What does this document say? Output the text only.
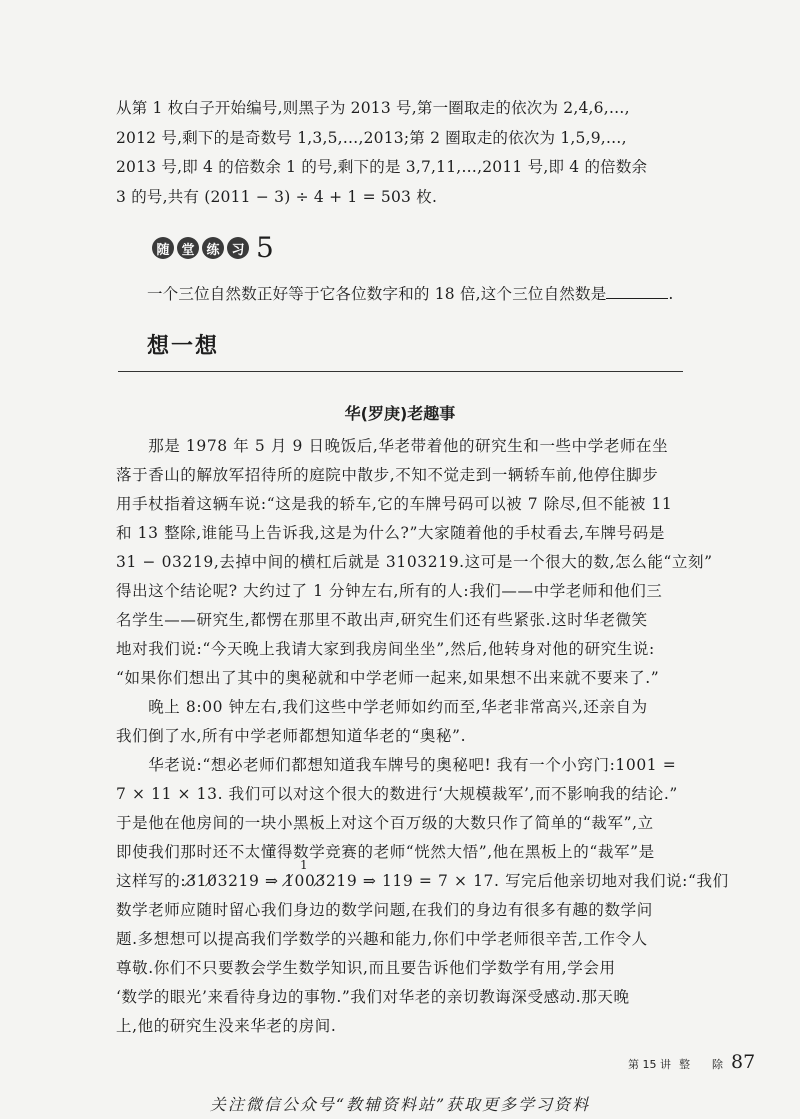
从第 1 枚白子开始编号,则黑子为 2013 号,第一圈取走的依次为 2,4,6,…,
2012 号,剩下的是奇数号 1,3,5,…,2013;第 2 圈取走的依次为 1,5,9,…,
2013 号,即 4 的倍数余 1 的号,剩下的是 3,7,11,…,2011 号,即 4 的倍数余
3 的号,共有 (2011 − 3) ÷ 4 + 1 = 503 枚.
随 堂 练 习 5
一个三位自然数正好等于它各位数字和的 18 倍,这个三位自然数是	.
想一想
华(罗庚)老趣事
　　那是 1978 年 5 月 9 日晚饭后,华老带着他的研究生和一些中学老师在坐
落于香山的解放军招待所的庭院中散步,不知不觉走到一辆轿车前,他停住脚步
用手杖指着这辆车说:“这是我的轿车,它的车牌号码可以被 7 除尽,但不能被 11
和 13 整除,谁能马上告诉我,这是为什么?”大家随着他的手杖看去,车牌号码是
31 − 03219,去掉中间的横杠后就是 3103219.这可是一个很大的数,怎么能“立刻”
得出这个结论呢? 大约过了 1 分钟左右,所有的人:我们——中学老师和他们三
名学生——研究生,都愣在那里不敢出声,研究生们还有些紧张.这时华老微笑
地对我们说:“今天晚上我请大家到我房间坐坐”,然后,他转身对他的研究生说:
“如果你们想出了其中的奥秘就和中学老师一起来,如果想不出来就不要来了.”
　　晚上 8:00 钟左右,我们这些中学老师如约而至,华老非常高兴,还亲自为
我们倒了水,所有中学老师都想知道华老的“奥秘”.
　　华老说:“想必老师们都想知道我车牌号的奥秘吧! 我有一个小窍门:1001 =
7 × 11 × 13. 我们可以对这个很大的数进行‘大规模裁军’,而不影响我的结论.”
于是他在他房间的一块小黑板上对这个百万级的大数只作了简单的“裁军”,立
即使我们那时还不太懂得数学竞赛的老师“恍然大悟”,他在黑板上的“裁军”是
这样写的:3̸10̸3219 ⇒ 1̸003̸219 ⇒ 119 = 7 × 17. 写完后他亲切地对我们说:“我们
数学老师应随时留心我们身边的数学问题,在我们的身边有很多有趣的数学问
题.多想想可以提高我们学数学的兴趣和能力,你们中学老师很辛苦,工作令人
尊敬.你们不只要教会学生数学知识,而且要告诉他们学数学有用,学会用
‘数学的眼光’来看待身边的事物.”我们对华老的亲切教诲深受感动.那天晚
上,他的研究生没来华老的房间.
1
第 15 讲 整　　除 87
关注微信公众号“教辅资料站”获取更多学习资料
